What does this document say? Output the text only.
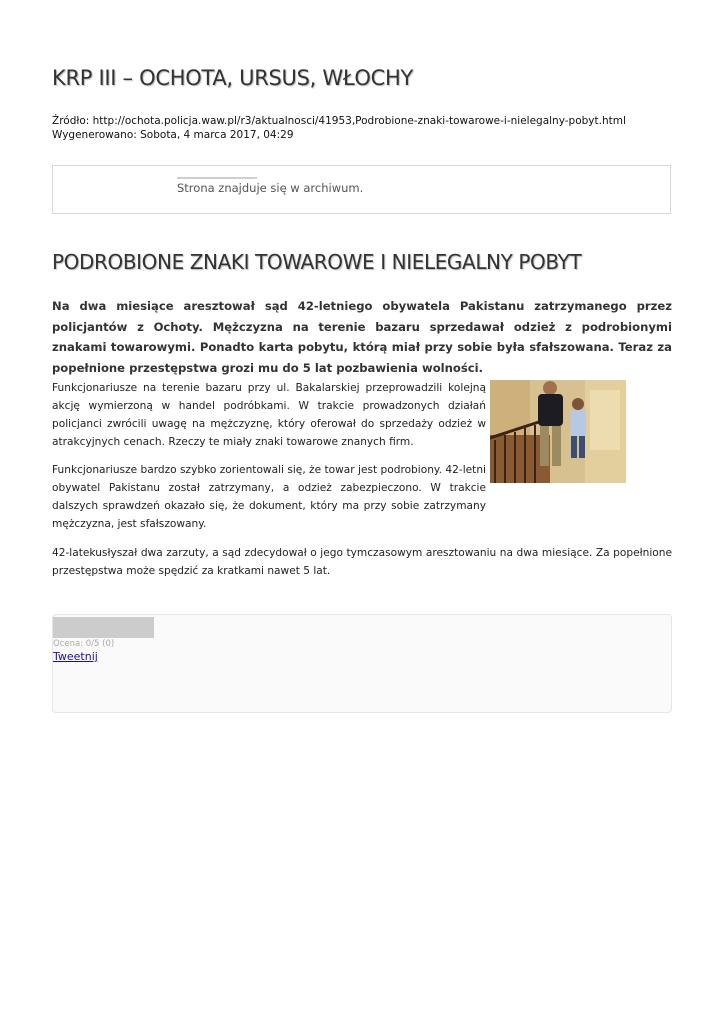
KRP III – OCHOTA, URSUS, WŁOCHY
Źródło: http://ochota.policja.waw.pl/r3/aktualnosci/41953,Podrobione-znaki-towarowe-i-nielegalny-pobyt.html
Wygenerowano: Sobota, 4 marca 2017, 04:29
Strona znajduje się w archiwum.
PODROBIONE ZNAKI TOWAROWE I NIELEGALNY POBYT

Na dwa miesiące aresztował sąd 42-letniego obywatela Pakistanu zatrzymanego przez policjantów z Ochoty. Mężczyzna na terenie bazaru sprzedawał odzież z podrobionymi znakami towarowymi. Ponadto karta pobytu, którą miał przy sobie była sfałszowana. Teraz za popełnione przestępstwa grozi mu do 5 lat pozbawienia wolności.

Funkcjonariusze na terenie bazaru przy ul. Bakalarskiej przeprowadzili kolejną akcję wymierzoną w handel podróbkami. W trakcie prowadzonych działań policjanci zwrócili uwagę na mężczyznę, który oferował do sprzedaży odzież w atrakcyjnych cenach. Rzeczy te miały znaki towarowe znanych firm.

Funkcjonariusze bardzo szybko zorientowali się, że towar jest podrobiony. 42-letni obywatel Pakistanu został zatrzymany, a odzież zabezpieczono. W trakcie dalszych sprawdzeń okazało się, że dokument, który ma przy sobie zatrzymany mężczyzna, jest sfałszowany.

42-latekusłyszał dwa zarzuty, a sąd zdecydował o jego tymczasowym aresztowaniu na dwa miesiące. Za popełnione przestępstwa może spędzić za kratkami nawet 5 lat.

Ocena: 0/5 (0)
Tweetnij
